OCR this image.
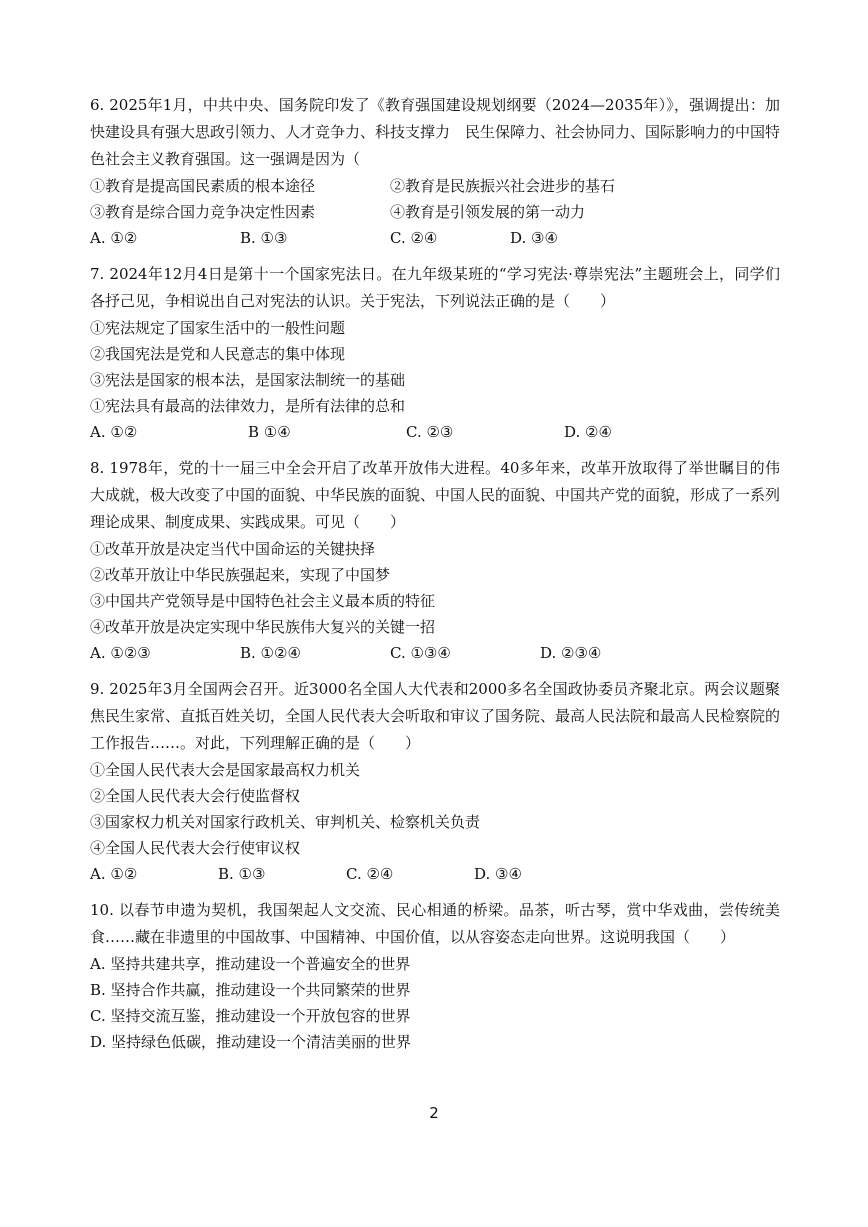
6. 2025年1月，中共中央、国务院印发了《教育强国建设规划纲要（2024—2035年）》，强调提出：加快建设具有强大思政引领力、人才竞争力、科技支撑力　民生保障力、社会协同力、国际影响力的中国特色社会主义教育强国。这一强调是因为（

①教育是提高国民素质的根本途径	②教育是民族振兴社会进步的基石
③教育是综合国力竞争决定性因素	④教育是引领发展的第一动力
A. ①②	B. ①③	C. ②④	D. ③④

7. 2024年12月4日是第十一个国家宪法日。在九年级某班的“学习宪法·尊崇宪法”主题班会上，同学们各抒己见，争相说出自己对宪法的认识。关于宪法，下列说法正确的是（　　）

①宪法规定了国家生活中的一般性问题

②我国宪法是党和人民意志的集中体现

③宪法是国家的根本法，是国家法制统一的基础

①宪法具有最高的法律效力，是所有法律的总和

A. ①②	B ①④	C. ②③	D. ②④

8. 1978年，党的十一届三中全会开启了改革开放伟大进程。40多年来，改革开放取得了举世瞩目的伟大成就，极大改变了中国的面貌、中华民族的面貌、中国人民的面貌、中国共产党的面貌，形成了一系列理论成果、制度成果、实践成果。可见（　　）

①改革开放是决定当代中国命运的关键抉择

②改革开放让中华民族强起来，实现了中国梦

③中国共产党领导是中国特色社会主义最本质的特征

④改革开放是决定实现中华民族伟大复兴的关键一招

A. ①②③	B. ①②④	C. ①③④	D. ②③④

9. 2025年3月全国两会召开。近3000名全国人大代表和2000多名全国政协委员齐聚北京。两会议题聚焦民生家常、直抵百姓关切，全国人民代表大会听取和审议了国务院、最高人民法院和最高人民检察院的工作报告……。对此，下列理解正确的是（　　）

①全国人民代表大会是国家最高权力机关

②全国人民代表大会行使监督权

③国家权力机关对国家行政机关、审判机关、检察机关负责

④全国人民代表大会行使审议权

A. ①②	B. ①③	C. ②④	D. ③④

10. 以春节申遗为契机，我国架起人文交流、民心相通的桥梁。品茶，听古琴，赏中华戏曲，尝传统美食……藏在非遗里的中国故事、中国精神、中国价值，以从容姿态走向世界。这说明我国（　　）

A. 坚持共建共享，推动建设一个普遍安全的世界

B. 坚持合作共赢，推动建设一个共同繁荣的世界

C. 坚持交流互鉴，推动建设一个开放包容的世界

D. 坚持绿色低碳，推动建设一个清洁美丽的世界

2
